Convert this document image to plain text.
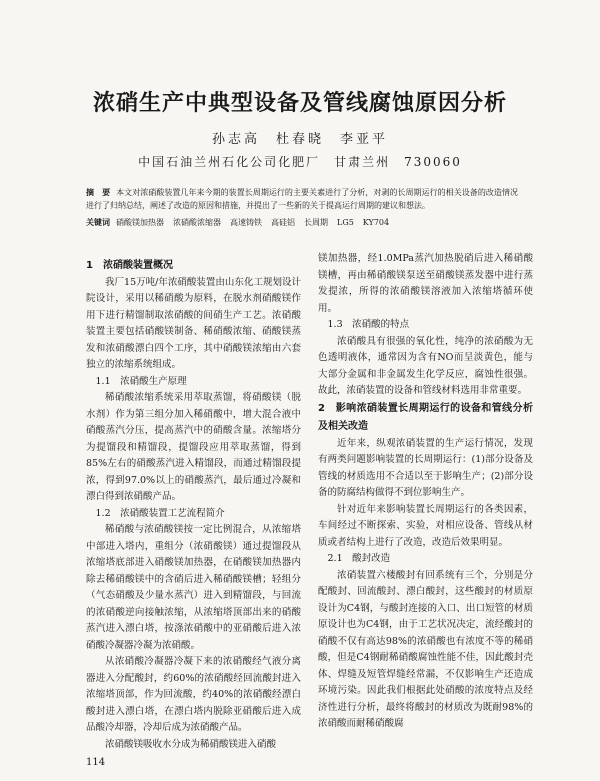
浓硝生产中典型设备及管线腐蚀原因分析
孙志高　杜春晓　李亚平
中国石油兰州石化公司化肥厂　甘肃兰州　730060
摘　要 本文对浓硝酸装置几年来今期的装置长周期运行的主要关素进行了分析，对剥的长周期运行的相关设备的改造情况进行了归纳总结，阐述了改造的原因和措施，并提出了一些新的关于提高运行周期的建议和想法。
关键词 硝酸镁加热器 浓硝酸浓缩器 高速铸铁 高硅铝 长周期 LG5 KY704
1　浓硝酸装置概况

我厂15万吨/年浓硝酸装置由山东化工规划设计院设计，采用以稀硝酸为原料，在脱水剂硝酸镁作用下进行精馏制取浓硝酸的间硝生产工艺。浓硝酸装置主要包括硝酸镁制备、稀硝酸浓缩、硝酸镁蒸发和浓硝酸漂白四个工序，其中硝酸镁浓缩由六套独立的浓缩系统组成。

1.1　浓硝酸生产原理

稀硝酸浓缩系统采用萃取蒸馏，将硝酸镁（脱水剂）作为第三组分加入稀硝酸中，增大混合液中硝酸蒸汽分压，提高蒸汽中的硝酸含量。浓缩塔分为提馏段和精馏段，提馏段应用萃取蒸馏，得到85%左右的硝酸蒸汽进入精馏段，而通过精馏段提浓，得到97.0%以上的硝酸蒸汽，最后通过冷凝和漂白得到浓硝酸产品。

1.2　浓硝酸装置工艺流程简介

稀硝酸与浓硝酸镁按一定比例混合，从浓缩塔中部进入塔内，重组分（浓硝酸镁）通过提馏段从浓缩塔底部进入硝酸镁加热器，在硝酸镁加热器内除去稀硝酸镁中的含硝后进入稀硝酸镁槽；轻组分（气态硝酸及少量水蒸汽）进入到精馏段，与回流的浓硝酸逆向接触浓缩，从浓缩塔顶部出来的硝酸蒸汽进入漂白塔，按涤浓硝酸中的亚硝酸后进入浓硝酸冷凝器冷凝为浓硝酸。

从浓硝酸冷凝器冷凝下来的浓硝酸经气液分离器进入分配酸封，约60%的浓硝酸经回流酸封进入浓缩塔顶部，作为回流酸，约40%的浓硝酸经漂白酸封进入漂白塔，在漂白塔内脱除亚硝酸后进入成品酸冷却器，冷却后成为浓硝酸产品。

浓硝酸镁吸收水分成为稀硝酸镁进入硝酸

镁加热器，经1.0MPa蒸汽加热脱硝后进入稀硝酸镁槽，再由稀硝酸镁泵送至硝酸镁蒸发器中进行蒸发提浓，所得的浓硝酸镁溶液加入浓缩塔循环使用。

1.3　浓硝酸的特点

浓硝酸具有很强的氧化性，纯净的浓硝酸为无色透明液体，通常因为含有NO而呈淡黄色，能与大部分金属和非金属发生化学反应，腐蚀性很强。故此，浓硝装置的设备和管线材料选用非常重要。

2　影响浓硝装置长周期运行的设备和管线分析及相关改造

近年来，纵观浓硝装置的生产运行情况，发现有两类问题影响装置的长周期运行：(1)部分设备及管线的材质选用不合适以至于影响生产；(2)部分设备的防腐结构做得不到位影响生产。

针对近年来影响装置长周期运行的各类因素，车间经过不断探索、实验，对相应设备、管线从材质或者结构上进行了改造，改造后效果明显。

2.1　酸封改造

浓硝装置六楼酸封有回系统有三个，分别是分配酸封、回流酸封、漂白酸封，这些酸封的材质原设计为C4钢，与酸封连接的入口、出口短管的材质原设计也为C4钢，由于工艺状况决定，流经酸封的硝酸不仅有高达98%的浓硝酸也有浓度不等的稀硝酸，但是C4钢耐稀硝酸腐蚀性能不佳，因此酸封壳体、焊缝及短管焊缝经常漏，不仅影响生产还造成环境污染。因此我们根据此处硝酸的浓度特点及经济性进行分析，最终将酸封的材质改为既耐98%的浓硝酸而耐稀硝酸腐

114
